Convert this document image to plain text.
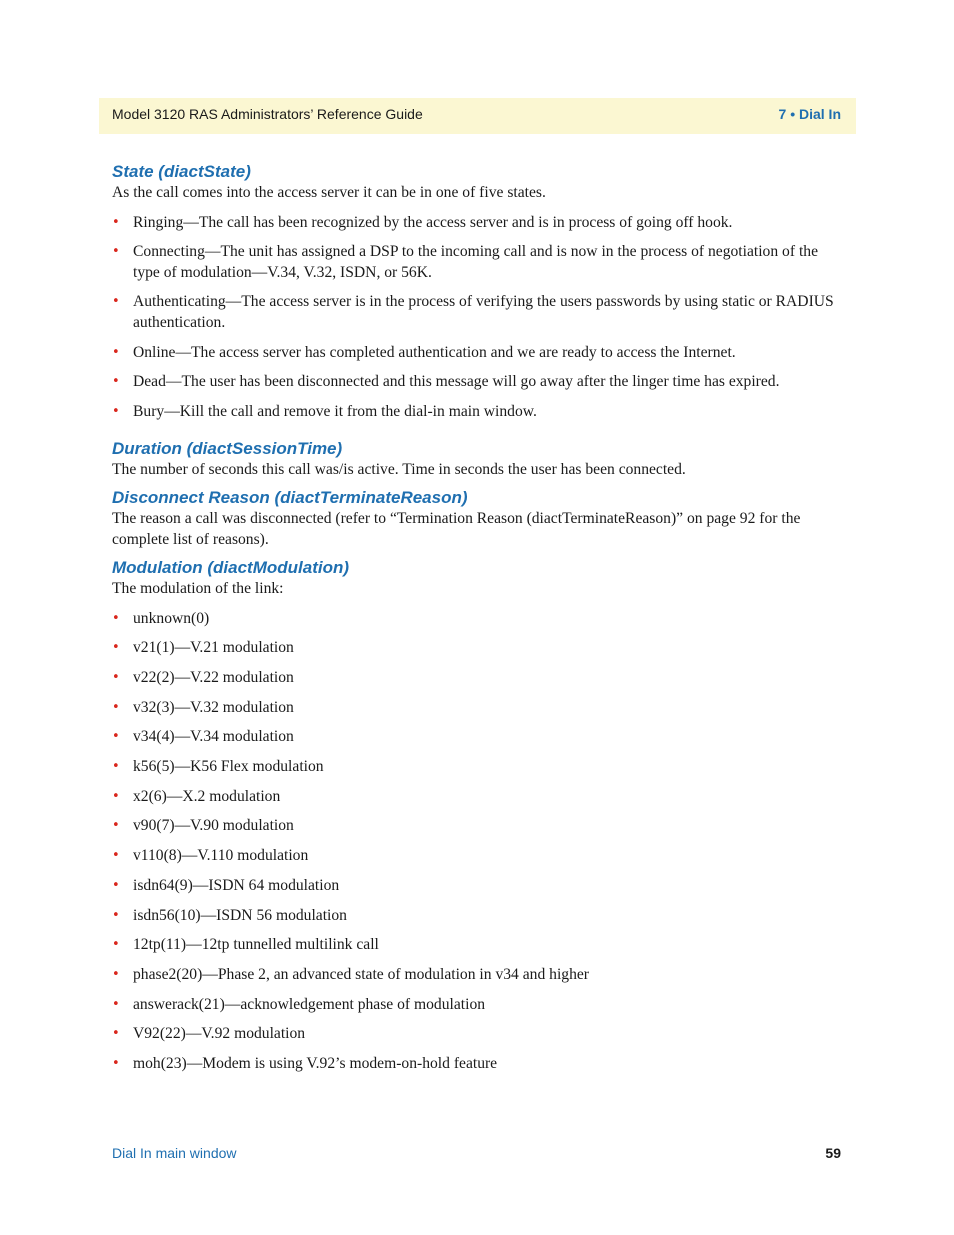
Model 3120 RAS Administrators’ Reference Guide	7 • Dial In
State (diactState)

As the call comes into the access server it can be in one of five states.

• Ringing—The call has been recognized by the access server and is in process of going off hook.
• Connecting—The unit has assigned a DSP to the incoming call and is now in the process of negotiation of the type of modulation—V.34, V.32, ISDN, or 56K.
• Authenticating—The access server is in the process of verifying the users passwords by using static or RADIUS authentication.
• Online—The access server has completed authentication and we are ready to access the Internet.
• Dead—The user has been disconnected and this message will go away after the linger time has expired.
• Bury—Kill the call and remove it from the dial-in main window.
Duration (diactSessionTime)

The number of seconds this call was/is active. Time in seconds the user has been connected.

Disconnect Reason (diactTerminateReason)

The reason a call was disconnected (refer to “Termination Reason (diactTerminateReason)” on page 92 for the complete list of reasons).

Modulation (diactModulation)

The modulation of the link:

• unknown(0)
• v21(1)—V.21 modulation
• v22(2)—V.22 modulation
• v32(3)—V.32 modulation
• v34(4)—V.34 modulation
• k56(5)—K56 Flex modulation
• x2(6)—X.2 modulation
• v90(7)—V.90 modulation
• v110(8)—V.110 modulation
• isdn64(9)—ISDN 64 modulation
• isdn56(10)—ISDN 56 modulation
• 12tp(11)—12tp tunnelled multilink call
• phase2(20)—Phase 2, an advanced state of modulation in v34 and higher
• answerack(21)—acknowledgement phase of modulation
• V92(22)—V.92 modulation
• moh(23)—Modem is using V.92’s modem-on-hold feature
Dial In main window	59
